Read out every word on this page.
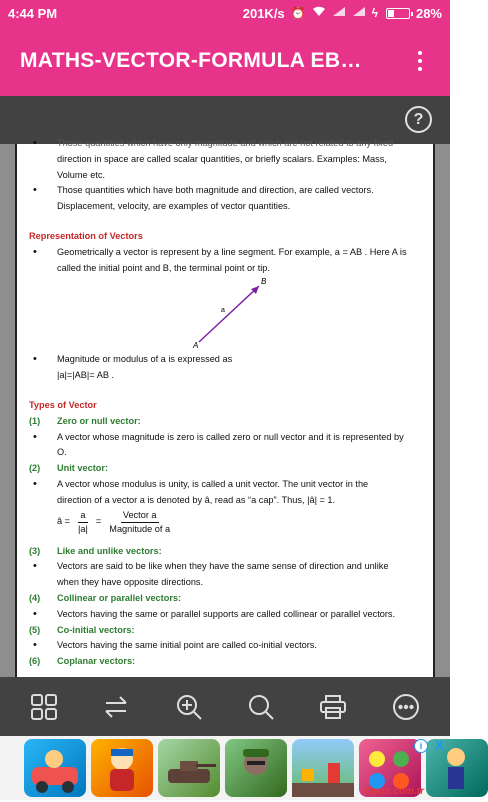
4:44 PM	201K/s ⏰	ϟ	28%
MATHS-VECTOR-FORMULA EB…
?
• Those quantities which have only magnitude and which are not related to any fixed
direction in space are called scalar quantities, or briefly scalars. Examples: Mass,
Volume etc.
• Those quantities which have both magnitude and direction, are called vectors.
Displacement, velocity, are examples of vector quantities.
Representation of Vectors
• Geometrically a vector is represent by a line segment. For example, a = AB . Here A is
called the initial point and B, the terminal point or tip.
B
a
A
• Magnitude or modulus of a is expressed as
|a|=|AB|= AB .
Types of Vector
(1) Zero or null vector:
• A vector whose magnitude is zero is called zero or null vector and it is represented by
O.
(2) Unit vector:
• A vector whose modulus is unity, is called a unit vector. The unit vector in the
direction of a vector a is denoted by â, read as “a cap”. Thus, |â| = 1.
â = $\frac{a}{|a|} = \frac{\text{Vector a}}{\text{Magnitude of a}}$
(3) Like and unlike vectors:
• Vectors are said to be like when they have the same sense of direction and unlike
when they have opposite directions.
(4) Collinear or parallel vectors:
• Vectors having the same or parallel supports are called collinear or parallel vectors.
(5) Co-initial vectors:
• Vectors having the same initial point are called co-initial vectors.
(6) Coplanar vectors:
i X
Oyun.com.tr
